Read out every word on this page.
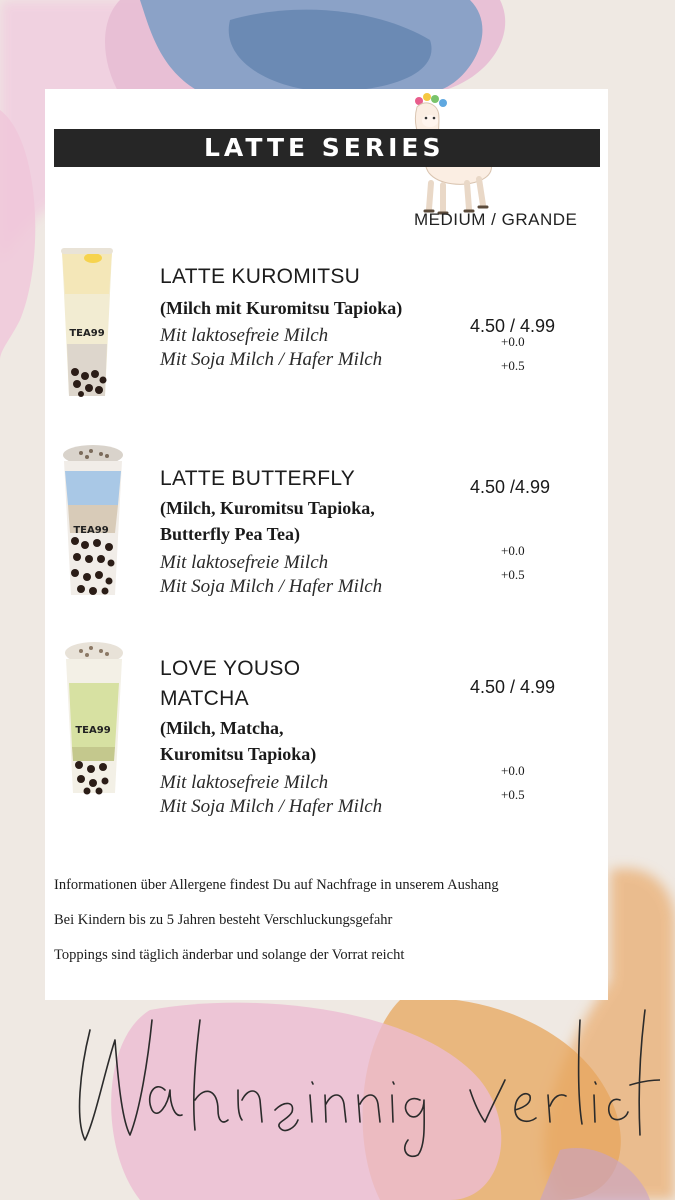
LATTE SERIES
MEDIUM / GRANDE
TEA99
LATTE KUROMITSU
(Milch mit Kuromitsu Tapioka)
Mit laktosefreie Milch
Mit Soja Milch / Hafer Milch
4.50 / 4.99
+0.0
+0.5
TEA99
LATTE BUTTERFLY
(Milch, Kuromitsu Tapioka,
Butterfly Pea Tea)
Mit laktosefreie Milch
Mit Soja Milch / Hafer Milch
4.50 /4.99
+0.0
+0.5
TEA99
LOVE YOUSO
MATCHA
(Milch, Matcha,
Kuromitsu Tapioka)
Mit laktosefreie Milch
Mit Soja Milch / Hafer Milch
4.50 / 4.99
+0.0
+0.5
Informationen über Allergene findest Du auf Nachfrage in unserem Aushang
Bei Kindern bis zu 5 Jahren besteht Verschluckungsgefahr
Toppings sind täglich änderbar und solange der Vorrat reicht
